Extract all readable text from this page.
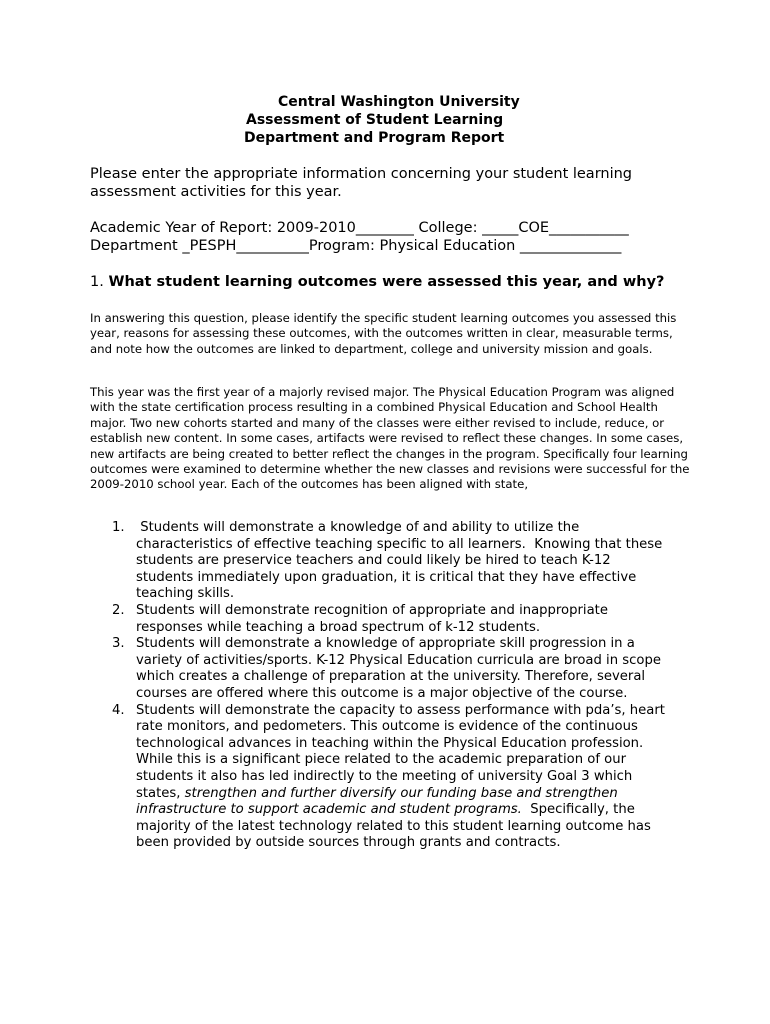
Central Washington University
Assessment of Student Learning
Department and Program Report
Please enter the appropriate information concerning your student learning assessment activities for this year.
Academic Year of Report: 2009-2010________ College: _____COE___________
Department _PESPH__________Program: Physical Education ______________
1. What student learning outcomes were assessed this year, and why?
In answering this question, please identify the specific student learning outcomes you assessed this year, reasons for assessing these outcomes, with the outcomes written in clear, measurable terms, and note how the outcomes are linked to department, college and university mission and goals.
This year was the first year of a majorly revised major. The Physical Education Program was aligned with the state certification process resulting in a combined Physical Education and School Health major. Two new cohorts started and many of the classes were either revised to include, reduce, or establish new content. In some cases, artifacts were revised to reflect these changes. In some cases, new artifacts are being created to better reflect the changes in the program. Specifically four learning outcomes were examined to determine whether the new classes and revisions were successful for the 2009-2010 school year. Each of the outcomes has been aligned with state,
1. Students will demonstrate a knowledge of and ability to utilize the characteristics of effective teaching specific to all learners.  Knowing that these students are preservice teachers and could likely be hired to teach K-12 students immediately upon graduation, it is critical that they have effective teaching skills.
2. Students will demonstrate recognition of appropriate and inappropriate responses while teaching a broad spectrum of k-12 students.
3. Students will demonstrate a knowledge of appropriate skill progression in a variety of activities/sports. K-12 Physical Education curricula are broad in scope which creates a challenge of preparation at the university. Therefore, several courses are offered where this outcome is a major objective of the course.
4. Students will demonstrate the capacity to assess performance with pda’s, heart rate monitors, and pedometers. This outcome is evidence of the continuous technological advances in teaching within the Physical Education profession. While this is a significant piece related to the academic preparation of our students it also has led indirectly to the meeting of university Goal 3 which states, strengthen and further diversify our funding base and strengthen infrastructure to support academic and student programs.  Specifically, the majority of the latest technology related to this student learning outcome has been provided by outside sources through grants and contracts.
